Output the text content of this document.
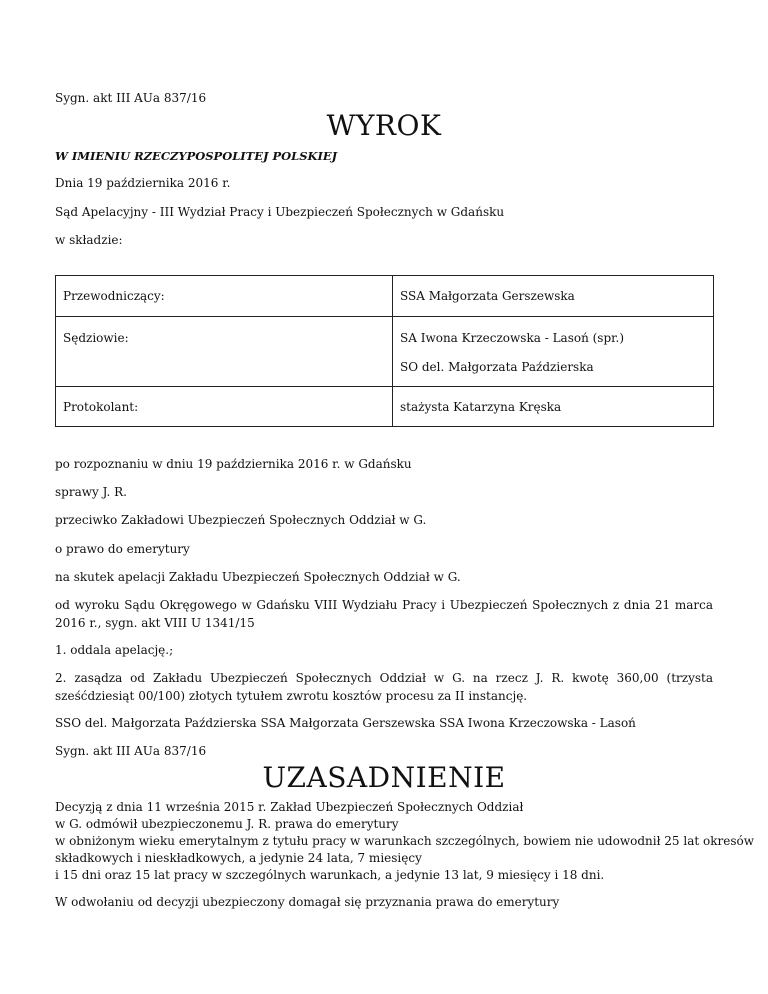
Sygn. akt III AUa 837/16
WYROK
W IMIENIU RZECZYPOSPOLITEJ POLSKIEJ
Dnia 19 października 2016 r.
Sąd Apelacyjny - III Wydział Pracy i Ubezpieczeń Społecznych w Gdańsku
w składzie:
Przewodniczący:	SSA Małgorzata Gerszewska

Sędziowie:	SA Iwona Krzeczowska - Lasoń (spr.)
SO del. Małgorzata Paździerska

Protokolant:	stażysta Katarzyna Kręska
po rozpoznaniu w dniu 19 października 2016 r. w Gdańsku
sprawy J. R.
przeciwko Zakładowi Ubezpieczeń Społecznych Oddział w G.
o prawo do emerytury
na skutek apelacji Zakładu Ubezpieczeń Społecznych Oddział w G.
od wyroku Sądu Okręgowego w Gdańsku VIII Wydziału Pracy i Ubezpieczeń Społecznych z dnia 21 marca 2016 r., sygn. akt VIII U 1341/15
1. oddala apelację.;
2. zasądza od Zakładu Ubezpieczeń Społecznych Oddział w G. na rzecz J. R. kwotę 360,00 (trzysta sześćdziesiąt 00/100) złotych tytułem zwrotu kosztów procesu za II instancję.
SSO del. Małgorzata Paździerska SSA Małgorzata Gerszewska SSA Iwona Krzeczowska - Lasoń
Sygn. akt III AUa 837/16
UZASADNIENIE
Decyzją z dnia 11 września 2015 r. Zakład Ubezpieczeń Społecznych Oddział
w G. odmówił ubezpieczonemu J. R. prawa do emerytury
w obniżonym wieku emerytalnym z tytułu pracy w warunkach szczególnych, bowiem nie udowodnił 25 lat okresów
składkowych i nieskładkowych, a jedynie 24 lata, 7 miesięcy
i 15 dni oraz 15 lat pracy w szczególnych warunkach, a jedynie 13 lat, 9 miesięcy i 18 dni.
W odwołaniu od decyzji ubezpieczony domagał się przyznania prawa do emerytury
